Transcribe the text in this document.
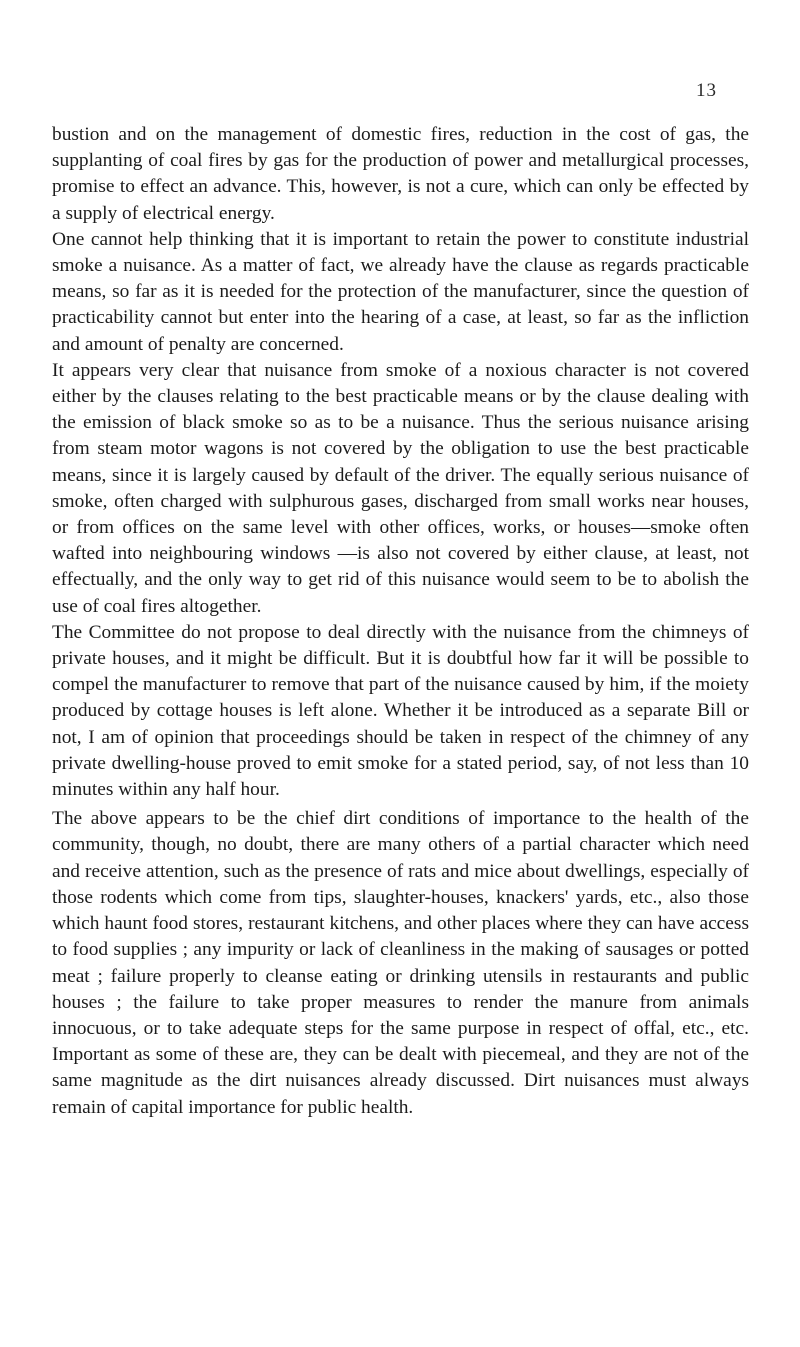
13

bustion and on the management of domestic fires, reduction in the cost of gas, the supplanting of coal fires by gas for the production of power and metallurgical processes, promise to effect an advance. This, however, is not a cure, which can only be effected by a supply of electrical energy.

One cannot help thinking that it is important to retain the power to constitute industrial smoke a nuisance. As a matter of fact, we already have the clause as regards practicable means, so far as it is needed for the protection of the manufacturer, since the question of practicability cannot but enter into the hearing of a case, at least, so far as the infliction and amount of penalty are concerned.

It appears very clear that nuisance from smoke of a noxious character is not covered either by the clauses relating to the best practicable means or by the clause dealing with the emission of black smoke so as to be a nuisance. Thus the serious nuisance arising from steam motor wagons is not covered by the obligation to use the best practicable means, since it is largely caused by default of the driver. The equally serious nuisance of smoke, often charged with sulphurous gases, discharged from small works near houses, or from offices on the same level with other offices, works, or houses—smoke often wafted into neighbouring windows —is also not covered by either clause, at least, not effectually, and the only way to get rid of this nuisance would seem to be to abolish the use of coal fires altogether.

The Committee do not propose to deal directly with the nuisance from the chimneys of private houses, and it might be difficult. But it is doubtful how far it will be possible to compel the manufacturer to remove that part of the nuisance caused by him, if the moiety produced by cottage houses is left alone. Whether it be introduced as a separate Bill or not, I am of opinion that proceedings should be taken in respect of the chimney of any private dwelling-house proved to emit smoke for a stated period, say, of not less than 10 minutes within any half hour.

The above appears to be the chief dirt conditions of importance to the health of the community, though, no doubt, there are many others of a partial character which need and receive attention, such as the presence of rats and mice about dwellings, especially of those rodents which come from tips, slaughter-houses, knackers' yards, etc., also those which haunt food stores, restaurant kitchens, and other places where they can have access to food supplies ; any impurity or lack of cleanliness in the making of sausages or potted meat ; failure properly to cleanse eating or drinking utensils in restaurants and public houses ; the failure to take proper measures to render the manure from animals innocuous, or to take adequate steps for the same purpose in respect of offal, etc., etc. Important as some of these are, they can be dealt with piecemeal, and they are not of the same magnitude as the dirt nuisances already discussed. Dirt nuisances must always remain of capital importance for public health.
